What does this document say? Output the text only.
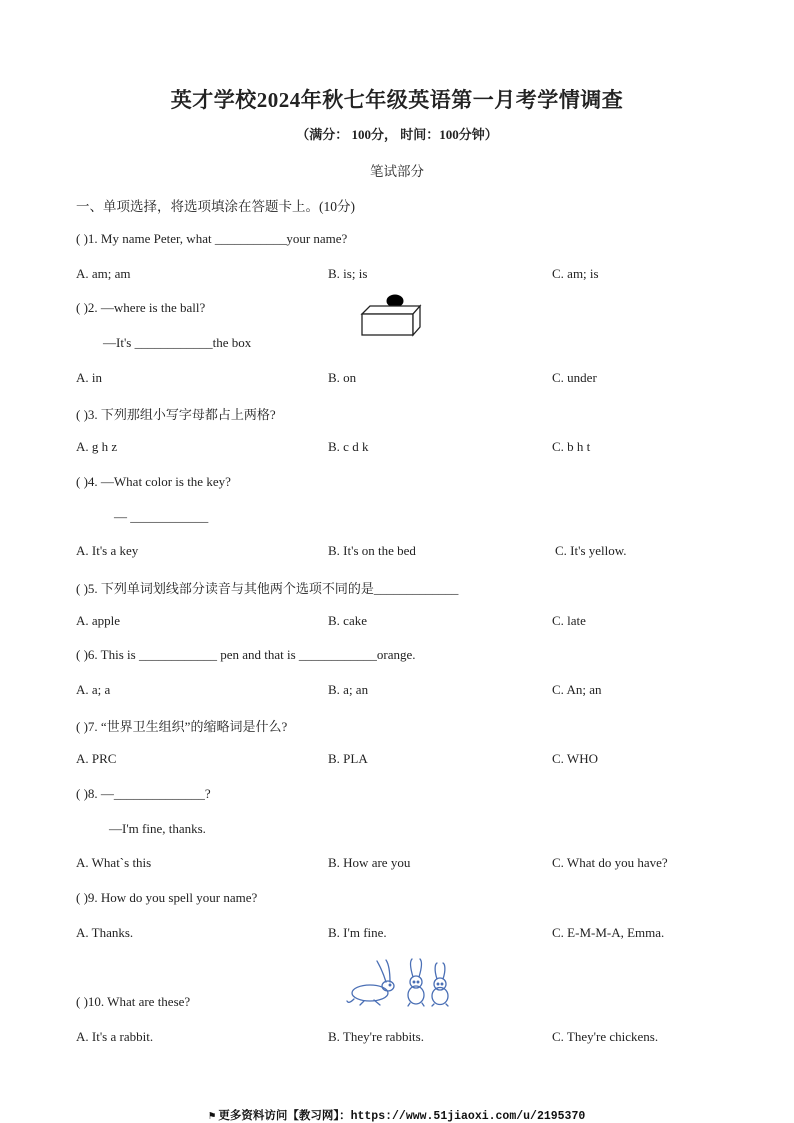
英才学校2024年秋七年级英语第一月考学情调查
（满分： 100分， 时间：100分钟）
笔试部分
一、单项选择，将选项填涂在答题卡上。(10分)
( )1. My name Peter, what ___________your name?
A. am; am	B. is; is	C. am; is
( )2. —where is the ball?
—It's ____________the box
A. in	B. on	C. under
( )3. 下列那组小写字母都占上两格?
A. g h z	B. c d k	C. b h t
( )4. —What color is the key?
— ____________
A. It's a key	B. It's on the bed	C. It's yellow.
( )5. 下列单词划线部分读音与其他两个选项不同的是_____________
A. apple	B. cake	C. late
( )6. This is ____________ pen and that is ____________orange.
A. a; a	B. a; an	C. An; an
( )7. “世界卫生组织”的缩略词是什么?
A. PRC	B. PLA	C. WHO
( )8. —______________?
—I'm fine, thanks.
A. What`s this	B. How are you	C. What do you have?
( )9. How do you spell your name?
A. Thanks.	B. I'm fine.	C. E-M-M-A, Emma.
( )10. What are these?
A. It's a rabbit.	B. They're rabbits.	C. They're chickens.
⚑ 更多资料访问【教习网】：https://www.51jiaoxi.com/u/2195370
